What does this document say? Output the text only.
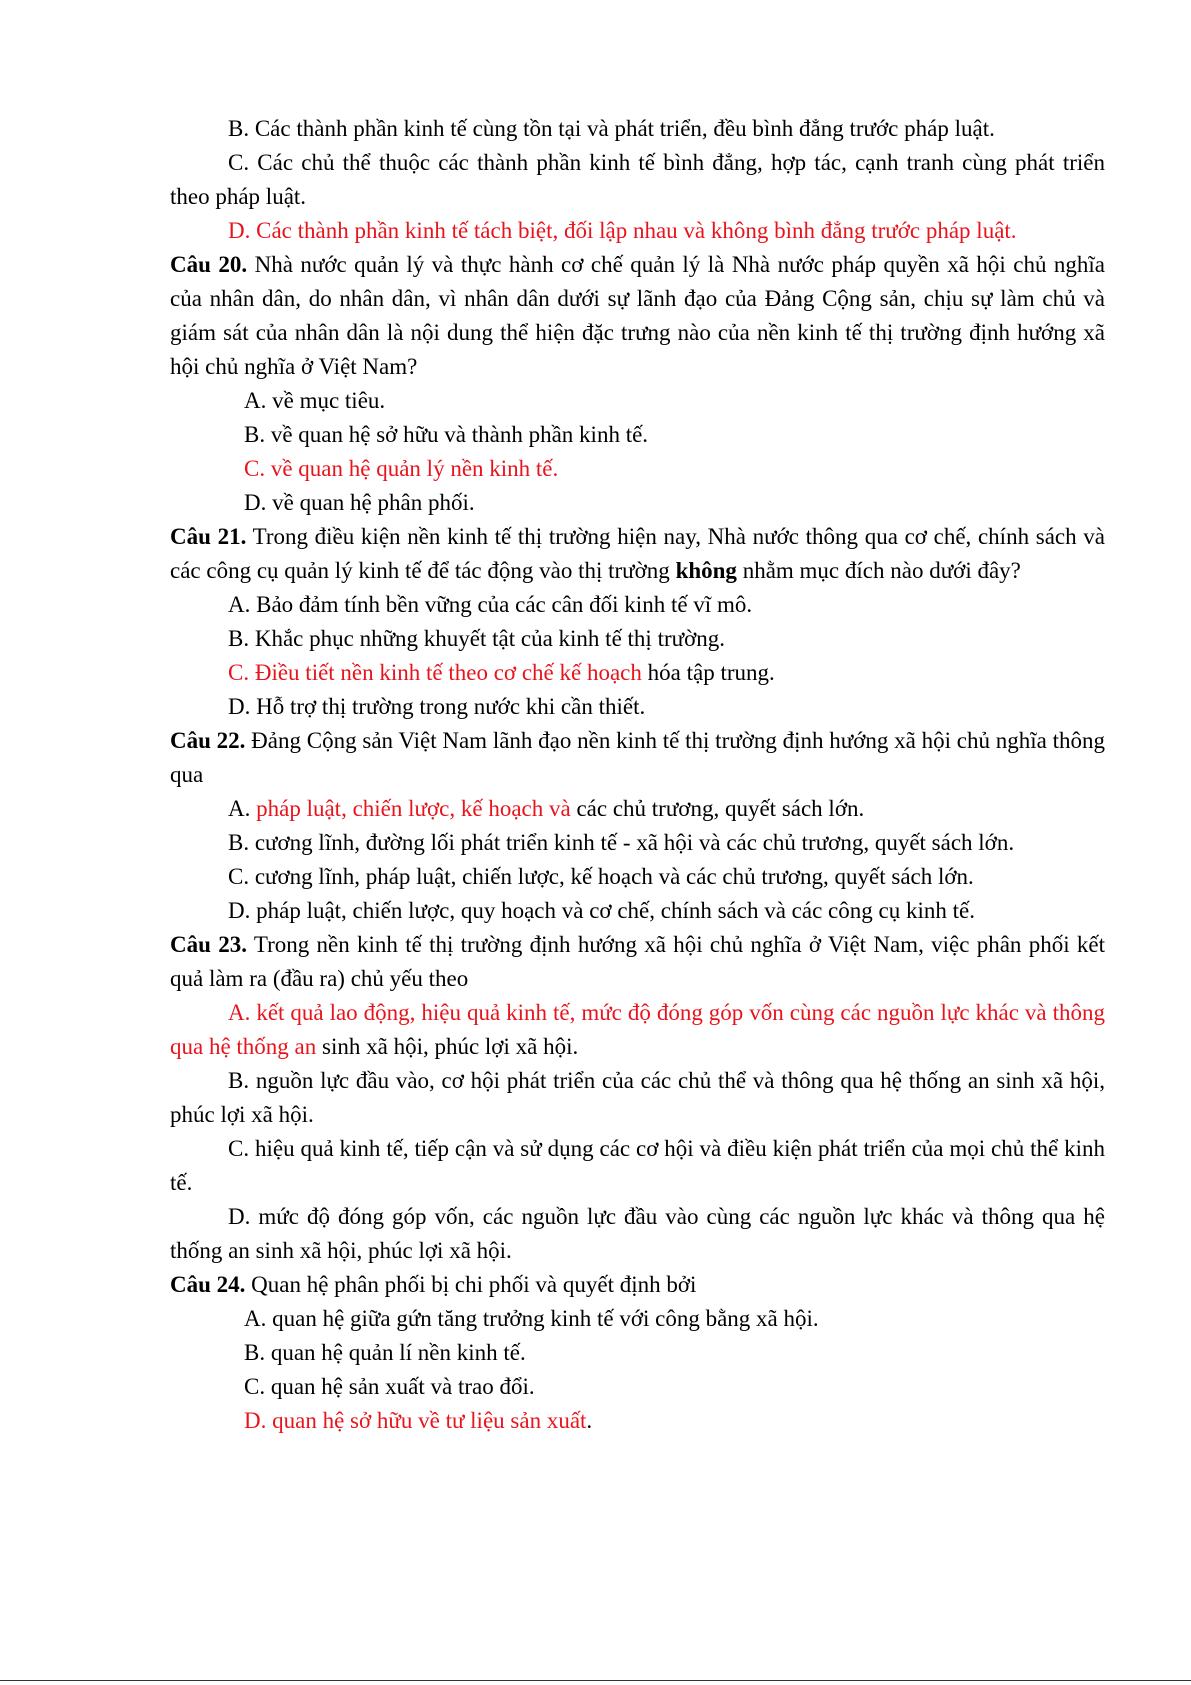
B. Các thành phần kinh tế cùng tồn tại và phát triển, đều bình đẳng trước pháp luật.

C. Các chủ thể thuộc các thành phần kinh tế bình đẳng, hợp tác, cạnh tranh cùng phát triển theo pháp luật.

D. Các thành phần kinh tế tách biệt, đối lập nhau và không bình đẳng trước pháp luật.

Câu 20. Nhà nước quản lý và thực hành cơ chế quản lý là Nhà nước pháp quyền xã hội chủ nghĩa của nhân dân, do nhân dân, vì nhân dân dưới sự lãnh đạo của Đảng Cộng sản, chịu sự làm chủ và giám sát của nhân dân là nội dung thể hiện đặc trưng nào của nền kinh tế thị trường định hướng xã hội chủ nghĩa ở Việt Nam?

A. về mục tiêu.

B. về quan hệ sở hữu và thành phần kinh tế.

C. về quan hệ quản lý nền kinh tế.

D. về quan hệ phân phối.

Câu 21. Trong điều kiện nền kinh tế thị trường hiện nay, Nhà nước thông qua cơ chế, chính sách và các công cụ quản lý kinh tế để tác động vào thị trường không nhằm mục đích nào dưới đây?

A. Bảo đảm tính bền vững của các cân đối kinh tế vĩ mô.

B. Khắc phục những khuyết tật của kinh tế thị trường.

C. Điều tiết nền kinh tế theo cơ chế kế hoạch hóa tập trung.

D. Hỗ trợ thị trường trong nước khi cần thiết.

Câu 22. Đảng Cộng sản Việt Nam lãnh đạo nền kinh tế thị trường định hướng xã hội chủ nghĩa thông qua

A. pháp luật, chiến lược, kế hoạch và các chủ trương, quyết sách lớn.

B. cương lĩnh, đường lối phát triển kinh tế - xã hội và các chủ trương, quyết sách lớn.

C. cương lĩnh, pháp luật, chiến lược, kế hoạch và các chủ trương, quyết sách lớn.

D. pháp luật, chiến lược, quy hoạch và cơ chế, chính sách và các công cụ kinh tế.

Câu 23. Trong nền kinh tế thị trường định hướng xã hội chủ nghĩa ở Việt Nam, việc phân phối kết quả làm ra (đầu ra) chủ yếu theo

A. kết quả lao động, hiệu quả kinh tế, mức độ đóng góp vốn cùng các nguồn lực khác và thông qua hệ thống an sinh xã hội, phúc lợi xã hội.

B. nguồn lực đầu vào, cơ hội phát triển của các chủ thể và thông qua hệ thống an sinh xã hội, phúc lợi xã hội.

C. hiệu quả kinh tế, tiếp cận và sử dụng các cơ hội và điều kiện phát triển của mọi chủ thể kinh tế.

D. mức độ đóng góp vốn, các nguồn lực đầu vào cùng các nguồn lực khác và thông qua hệ thống an sinh xã hội, phúc lợi xã hội.

Câu 24. Quan hệ phân phối bị chi phối và quyết định bởi

A. quan hệ giữa gứn tăng trưởng kinh tế với công bằng xã hội.

B. quan hệ quản lí nền kinh tế.

C. quan hệ sản xuất và trao đổi.

D. quan hệ sở hữu về tư liệu sản xuất.
